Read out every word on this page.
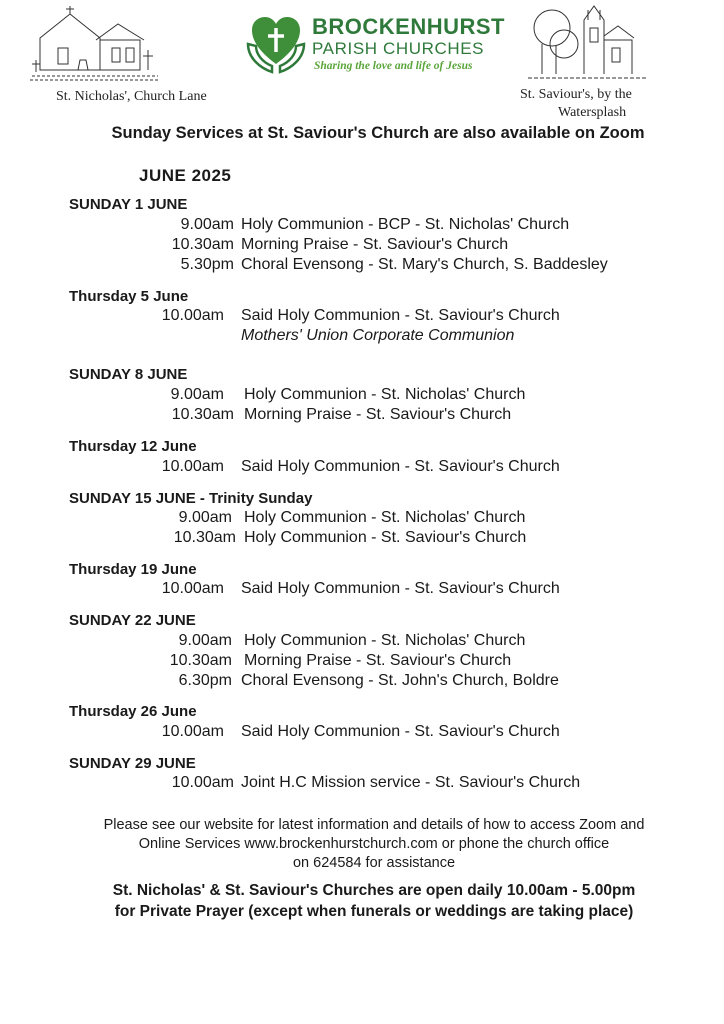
St. Nicholas', Church Lane	St. Saviour's, by the
Watersplash
BROCKENHURST
PARISH CHURCHES
Sharing the love and life of Jesus
Sunday Services at St. Saviour's Church are also available on Zoom
JUNE 2025
SUNDAY 1 JUNE
9.00am Holy Communion - BCP - St. Nicholas' Church
10.30am Morning Praise - St. Saviour's Church
5.30pm Choral Evensong - St. Mary's Church, S. Baddesley
Thursday 5 June
10.00am Said Holy Communion - St. Saviour's Church
Mothers' Union Corporate Communion
SUNDAY 8 JUNE
9.00am Holy Communion - St. Nicholas' Church
10.30am Morning Praise - St. Saviour's Church
Thursday 12 June
10.00am Said Holy Communion - St. Saviour's Church
SUNDAY 15 JUNE - Trinity Sunday
9.00am Holy Communion - St. Nicholas' Church
10.30am Holy Communion - St. Saviour's Church
Thursday 19 June
10.00am Said Holy Communion - St. Saviour's Church
SUNDAY 22 JUNE
9.00am Holy Communion - St. Nicholas' Church
10.30am Morning Praise - St. Saviour's Church
6.30pm Choral Evensong - St. John's Church, Boldre
Thursday 26 June
10.00am Said Holy Communion - St. Saviour's Church
SUNDAY 29 JUNE
10.00am Joint H.C Mission service - St. Saviour's Church
Please see our website for latest information and details of how to access Zoom and
Online Services www.brockenhurstchurch.com or phone the church office
on 624584 for assistance
St. Nicholas' & St. Saviour's Churches are open daily 10.00am - 5.00pm
for Private Prayer (except when funerals or weddings are taking place)
